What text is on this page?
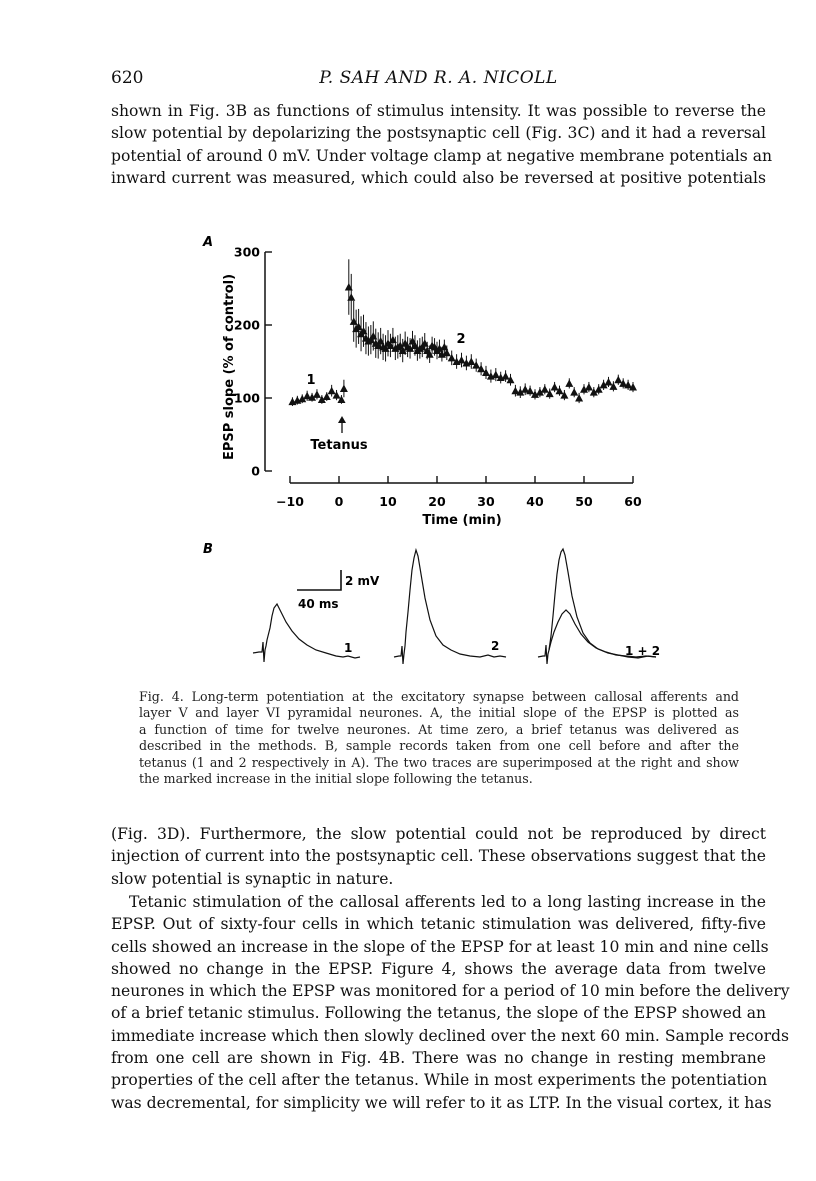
620	P. SAH AND R. A. NICOLL
shown in Fig. 3B as functions of stimulus intensity. It was possible to reverse the
slow potential by depolarizing the postsynaptic cell (Fig. 3C) and it had a reversal
potential of around 0 mV. Under voltage clamp at negative membrane potentials an
inward current was measured, which could also be reversed at positive potentials
A
B
0
100
200
300
−10 0	10	20	30	40	50	60
EPSP slope (% of control)
Time (min)
1
2
Tetanus
2 mV
40 ms
1	2	1 + 2
Fig. 4. Long-term potentiation at the excitatory synapse between callosal afferents and
layer V and layer VI pyramidal neurones. A, the initial slope of the EPSP is plotted as
a function of time for twelve neurones. At time zero, a brief tetanus was delivered as
described in the methods. B, sample records taken from one cell before and after the
tetanus (1 and 2 respectively in A). The two traces are superimposed at the right and show
the marked increase in the initial slope following the tetanus.
(Fig. 3D). Furthermore, the slow potential could not be reproduced by direct
injection of current into the postsynaptic cell. These observations suggest that the
slow potential is synaptic in nature.
Tetanic stimulation of the callosal afferents led to a long lasting increase in the
EPSP. Out of sixty-four cells in which tetanic stimulation was delivered, fifty-five
cells showed an increase in the slope of the EPSP for at least 10 min and nine cells
showed no change in the EPSP. Figure 4, shows the average data from twelve
neurones in which the EPSP was monitored for a period of 10 min before the delivery
of a brief tetanic stimulus. Following the tetanus, the slope of the EPSP showed an
immediate increase which then slowly declined over the next 60 min. Sample records
from one cell are shown in Fig. 4B. There was no change in resting membrane
properties of the cell after the tetanus. While in most experiments the potentiation
was decremental, for simplicity we will refer to it as LTP. In the visual cortex, it has
